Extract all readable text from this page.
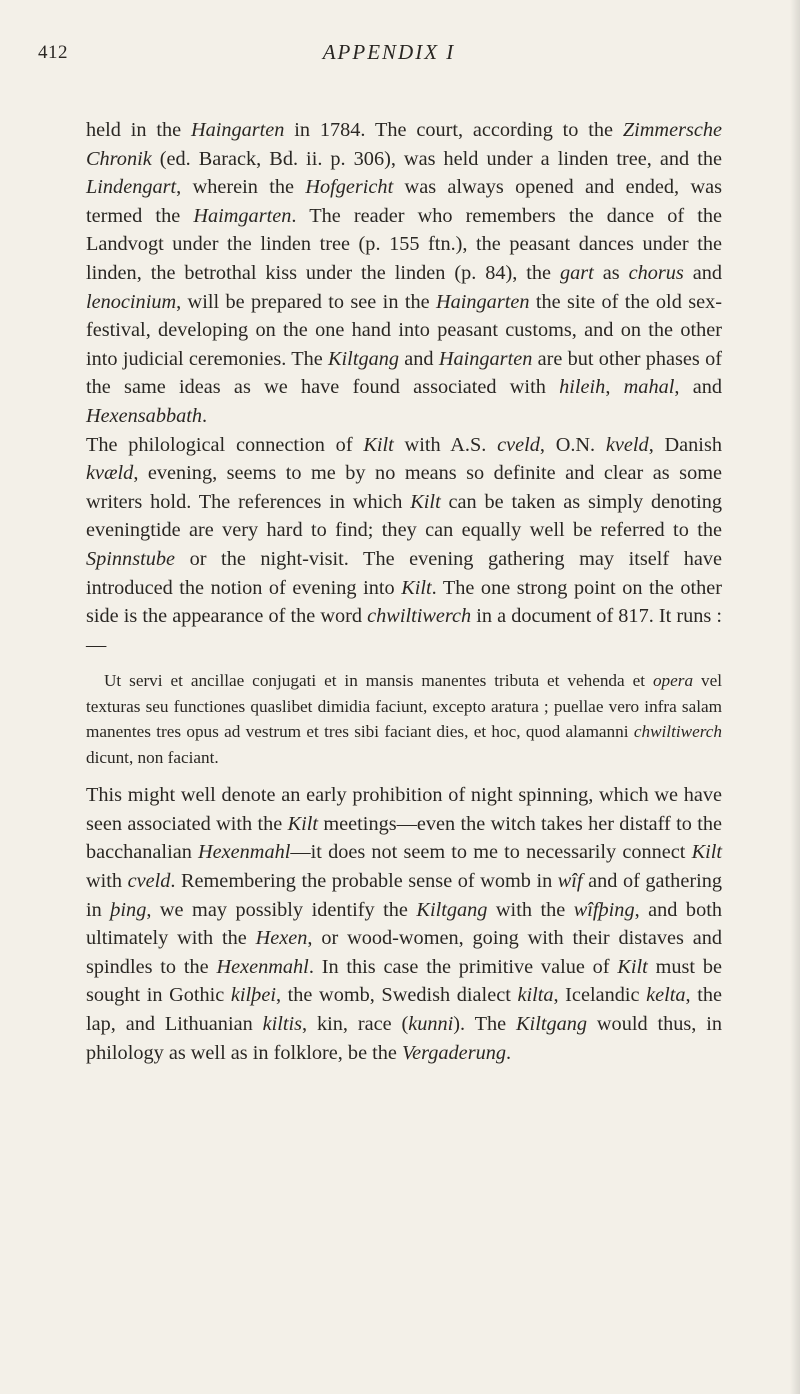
412	APPENDIX I

held in the Haingarten in 1784. The court, according to the Zimmersche Chronik (ed. Barack, Bd. ii. p. 306), was held under a linden tree, and the Lindengart, wherein the Hofgericht was always opened and ended, was termed the Haimgarten. The reader who remembers the dance of the Landvogt under the linden tree (p. 155 ftn.), the peasant dances under the linden, the betrothal kiss under the linden (p. 84), the gart as chorus and lenocinium, will be prepared to see in the Haingarten the site of the old sex-festival, developing on the one hand into peasant customs, and on the other into judicial ceremonies. The Kiltgang and Haingarten are but other phases of the same ideas as we have found associated with hileih, mahal, and Hexensabbath.

The philological connection of Kilt with A.S. cveld, O.N. kveld, Danish kvæld, evening, seems to me by no means so definite and clear as some writers hold. The references in which Kilt can be taken as simply denoting eveningtide are very hard to find; they can equally well be referred to the Spinnstube or the night-visit. The evening gathering may itself have introduced the notion of evening into Kilt. The one strong point on the other side is the appearance of the word chwiltiwerch in a document of 817. It runs :—

Ut servi et ancillae conjugati et in mansis manentes tributa et vehenda et opera vel texturas seu functiones quaslibet dimidia faciunt, excepto aratura ; puellae vero infra salam manentes tres opus ad vestrum et tres sibi faciant dies, et hoc, quod alamanni chwiltiwerch dicunt, non faciant.

This might well denote an early prohibition of night spinning, which we have seen associated with the Kilt meetings—even the witch takes her distaff to the bacchanalian Hexenmahl—it does not seem to me to necessarily connect Kilt with cveld. Remembering the probable sense of womb in wîf and of gathering in þing, we may possibly identify the Kiltgang with the wîfþing, and both ultimately with the Hexen, or wood-women, going with their distaves and spindles to the Hexenmahl. In this case the primitive value of Kilt must be sought in Gothic kilþei, the womb, Swedish dialect kilta, Icelandic kelta, the lap, and Lithuanian kiltis, kin, race (kunni). The Kiltgang would thus, in philology as well as in folklore, be the Vergaderung.
